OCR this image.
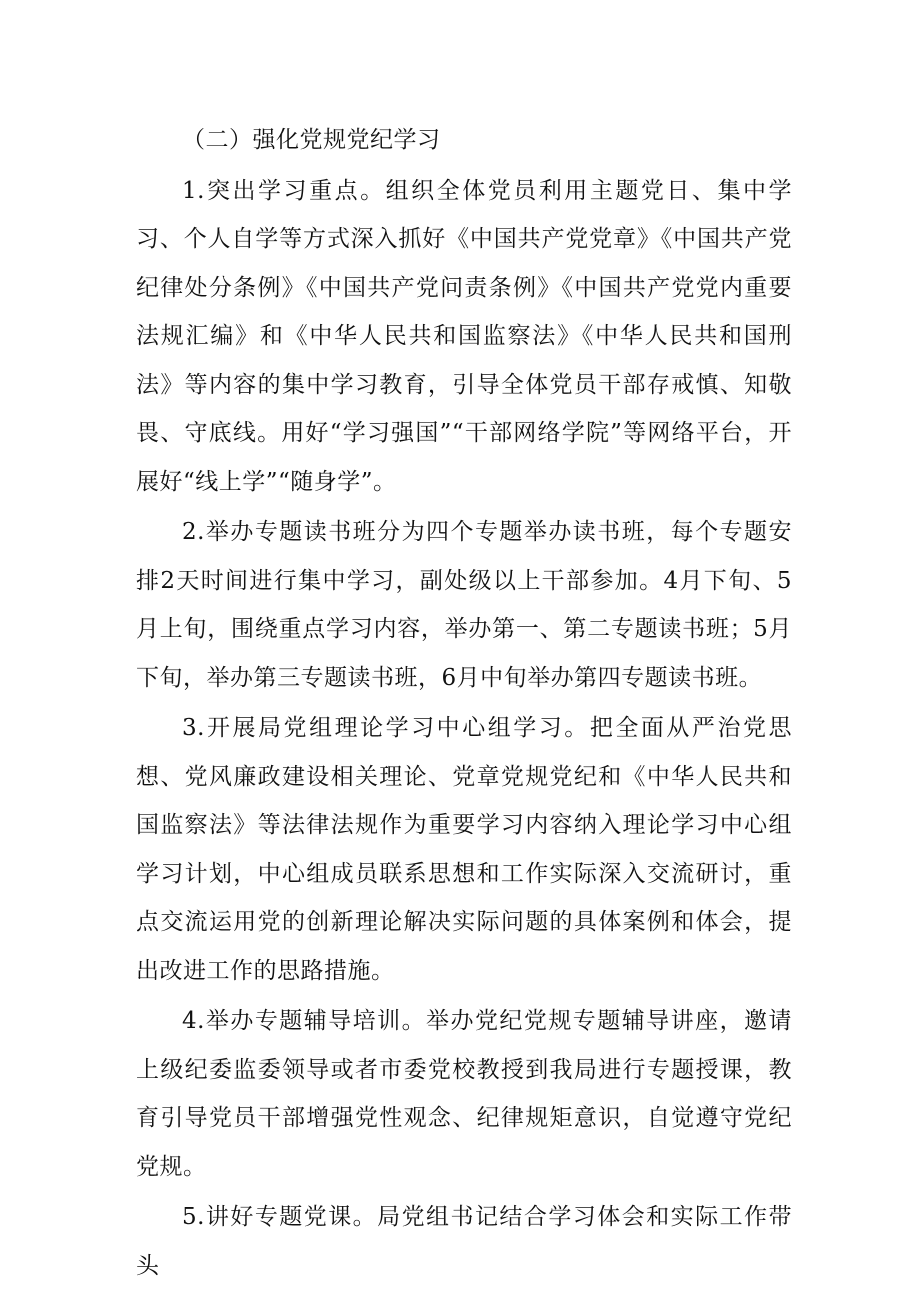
（二）强化党规党纪学习

1.突出学习重点。组织全体党员利用主题党日、集中学习、个人自学等方式深入抓好《中国共产党党章》《中国共产党纪律处分条例》《中国共产党问责条例》《中国共产党党内重要法规汇编》和《中华人民共和国监察法》《中华人民共和国刑法》等内容的集中学习教育，引导全体党员干部存戒慎、知敬畏、守底线。用好“学习强国”“干部网络学院”等网络平台，开展好“线上学”“随身学”。

2.举办专题读书班分为四个专题举办读书班，每个专题安排2天时间进行集中学习，副处级以上干部参加。4月下旬、5月上旬，围绕重点学习内容，举办第一、第二专题读书班；5月下旬，举办第三专题读书班，6月中旬举办第四专题读书班。

3.开展局党组理论学习中心组学习。把全面从严治党思想、党风廉政建设相关理论、党章党规党纪和《中华人民共和国监察法》等法律法规作为重要学习内容纳入理论学习中心组学习计划，中心组成员联系思想和工作实际深入交流研讨，重点交流运用党的创新理论解决实际问题的具体案例和体会，提出改进工作的思路措施。

4.举办专题辅导培训。举办党纪党规专题辅导讲座，邀请上级纪委监委领导或者市委党校教授到我局进行专题授课，教育引导党员干部增强党性观念、纪律规矩意识，自觉遵守党纪党规。

5.讲好专题党课。局党组书记结合学习体会和实际工作带头
